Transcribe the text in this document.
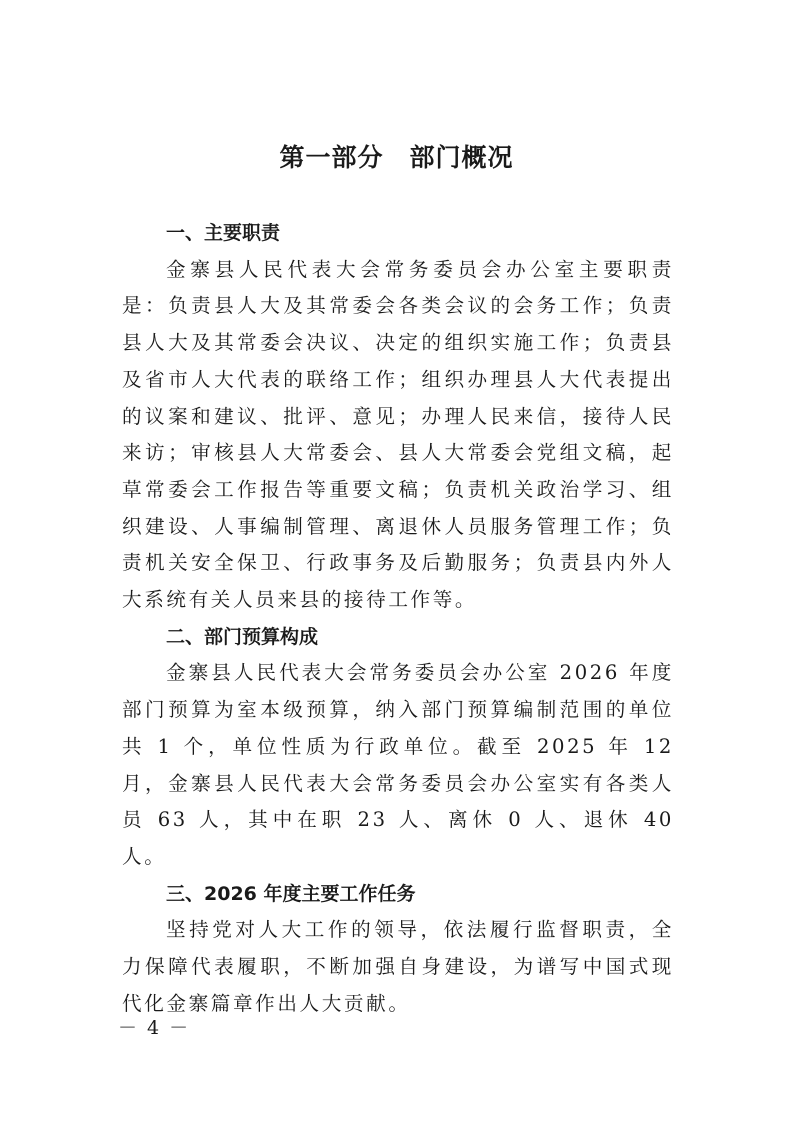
第一部分　部门概况
一、主要职责

金寨县人民代表大会常务委员会办公室主要职责是：负责县人大及其常委会各类会议的会务工作；负责县人大及其常委会决议、决定的组织实施工作；负责县及省市人大代表的联络工作；组织办理县人大代表提出的议案和建议、批评、意见；办理人民来信，接待人民来访；审核县人大常委会、县人大常委会党组文稿，起草常委会工作报告等重要文稿；负责机关政治学习、组织建设、人事编制管理、离退休人员服务管理工作；负责机关安全保卫、行政事务及后勤服务；负责县内外人大系统有关人员来县的接待工作等。

二、部门预算构成

金寨县人民代表大会常务委员会办公室 2026 年度部门预算为室本级预算，纳入部门预算编制范围的单位共 1 个，单位性质为行政单位。截至 2025 年 12 月，金寨县人民代表大会常务委员会办公室实有各类人员 63 人，其中在职 23 人、离休 0 人、退休 40 人。

三、2026 年度主要工作任务

坚持党对人大工作的领导，依法履行监督职责，全力保障代表履职，不断加强自身建设，为谱写中国式现代化金寨篇章作出人大贡献。

－ 4 －
